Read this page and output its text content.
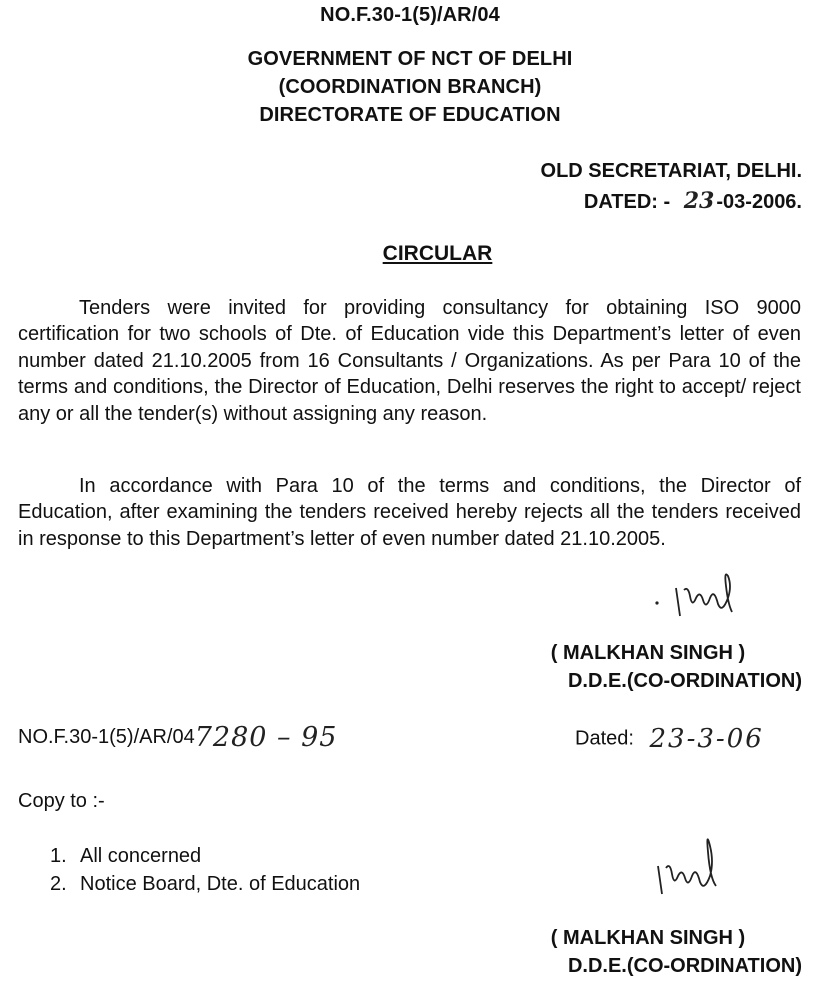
NO.F.30-1(5)/AR/04
GOVERNMENT OF NCT OF DELHI
(COORDINATION BRANCH)
DIRECTORATE OF EDUCATION
OLD SECRETARIAT, DELHI.
DATED: - 23 -03-2006.
CIRCULAR

Tenders were invited for providing consultancy for obtaining ISO 9000 certification for two schools of Dte. of Education vide this Department’s letter of even number dated 21.10.2005 from 16 Consultants / Organizations. As per Para 10 of the terms and conditions, the Director of Education, Delhi reserves the right to accept/ reject any or all the tender(s) without assigning any reason.

In accordance with Para 10 of the terms and conditions, the Director of Education, after examining the tenders received hereby rejects all the tenders received in response to this Department’s letter of even number dated 21.10.2005.

( MALKHAN SINGH )
D.D.E.(CO-ORDINATION)
NO.F.30-1(5)/AR/047280 – 95	Dated: 23-3-06
Copy to :-
1. All concerned
2. Notice Board, Dte. of Education
( MALKHAN SINGH )
D.D.E.(CO-ORDINATION)
